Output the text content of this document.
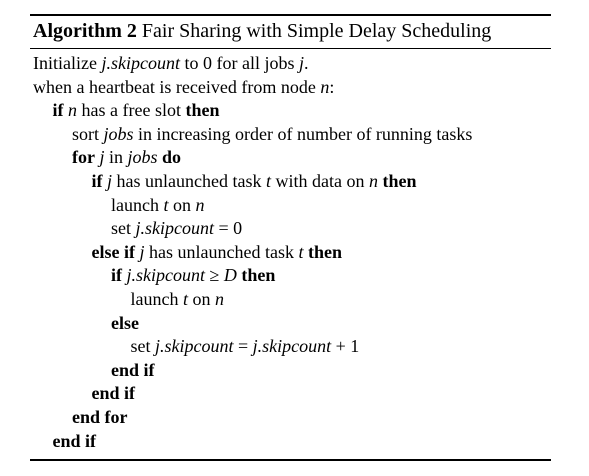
Algorithm 2 Fair Sharing with Simple Delay Scheduling
Initialize j.skipcount to 0 for all jobs j.
when a heartbeat is received from node n:
if n has a free slot then
sort jobs in increasing order of number of running tasks
for j in jobs do
if j has unlaunched task t with data on n then
launch t on n
set j.skipcount = 0
else if j has unlaunched task t then
if j.skipcount ≥ D then
launch t on n
else
set j.skipcount = j.skipcount + 1
end if
end if
end for
end if
